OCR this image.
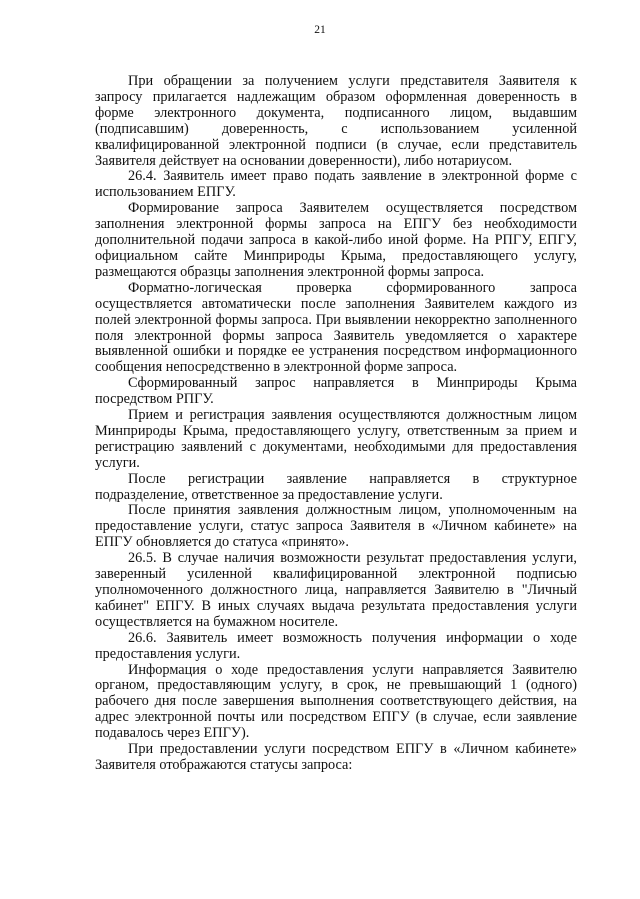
21

При обращении за получением услуги представителя Заявителя к запросу прилагается надлежащим образом оформленная доверенность в форме электронного документа, подписанного лицом, выдавшим (подписавшим) доверенность, с использованием усиленной квалифицированной электронной подписи (в случае, если представитель Заявителя действует на основании доверенности), либо нотариусом.

26.4. Заявитель имеет право подать заявление в электронной форме с использованием ЕПГУ.

Формирование запроса Заявителем осуществляется посредством заполнения электронной формы запроса на ЕПГУ без необходимости дополнительной подачи запроса в какой-либо иной форме. На РПГУ, ЕПГУ, официальном сайте Минприроды Крыма, предоставляющего услугу, размещаются образцы заполнения электронной формы запроса.

Форматно-логическая проверка сформированного запроса осуществляется автоматически после заполнения Заявителем каждого из полей электронной формы запроса. При выявлении некорректно заполненного поля электронной формы запроса Заявитель уведомляется о характере выявленной ошибки и порядке ее устранения посредством информационного сообщения непосредственно в электронной форме запроса.

Сформированный запрос направляется в Минприроды Крыма посредством РПГУ.

Прием и регистрация заявления осуществляются должностным лицом Минприроды Крыма, предоставляющего услугу, ответственным за прием и регистрацию заявлений с документами, необходимыми для предоставления услуги.

После регистрации заявление направляется в структурное подразделение, ответственное за предоставление услуги.

После принятия заявления должностным лицом, уполномоченным на предоставление услуги, статус запроса Заявителя в «Личном кабинете» на ЕПГУ обновляется до статуса «принято».

26.5. В случае наличия возможности результат предоставления услуги, заверенный усиленной квалифицированной электронной подписью уполномоченного должностного лица, направляется Заявителю в "Личный кабинет" ЕПГУ. В иных случаях выдача результата предоставления услуги осуществляется на бумажном носителе.

26.6. Заявитель имеет возможность получения информации о ходе предоставления услуги.

Информация о ходе предоставления услуги направляется Заявителю органом, предоставляющим услугу, в срок, не превышающий 1 (одного) рабочего дня после завершения выполнения соответствующего действия, на адрес электронной почты или посредством ЕПГУ (в случае, если заявление подавалось через ЕПГУ).

При предоставлении услуги посредством ЕПГУ в «Личном кабинете» Заявителя отображаются статусы запроса:
